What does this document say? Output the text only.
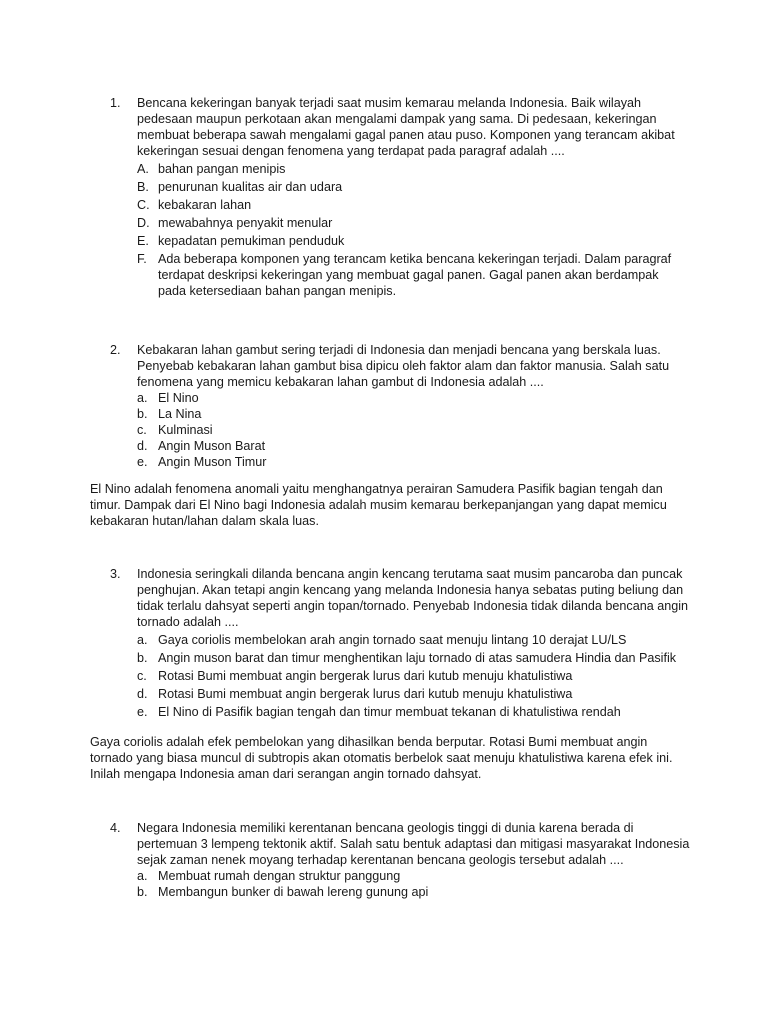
1.	Bencana kekeringan banyak terjadi saat musim kemarau melanda Indonesia. Baik wilayah pedesaan maupun perkotaan akan mengalami dampak yang sama. Di pedesaan, kekeringan membuat beberapa sawah mengalami gagal panen atau puso. Komponen yang terancam akibat kekeringan sesuai dengan fenomena yang terdapat pada paragraf adalah ....
A. bahan pangan menipis
B. penurunan kualitas air dan udara
C. kebakaran lahan
D. mewabahnya penyakit menular
E. kepadatan pemukiman penduduk
F. Ada beberapa komponen yang terancam ketika bencana kekeringan terjadi. Dalam paragraf terdapat deskripsi kekeringan yang membuat gagal panen. Gagal panen akan berdampak pada ketersediaan bahan pangan menipis.
2.	Kebakaran lahan gambut sering terjadi di Indonesia dan menjadi bencana yang berskala luas. Penyebab kebakaran lahan gambut bisa dipicu oleh faktor alam dan faktor manusia. Salah satu fenomena yang memicu kebakaran lahan gambut di Indonesia adalah ....
a. El Nino
b. La Nina
c. Kulminasi
d. Angin Muson Barat
e. Angin Muson Timur

El Nino adalah fenomena anomali yaitu menghangatnya perairan Samudera Pasifik bagian tengah dan timur. Dampak dari El Nino bagi Indonesia adalah musim kemarau berkepanjangan yang dapat memicu kebakaran hutan/lahan dalam skala luas.

3.	Indonesia seringkali dilanda bencana angin kencang terutama saat musim pancaroba dan puncak penghujan. Akan tetapi angin kencang yang melanda Indonesia hanya sebatas puting beliung dan tidak terlalu dahsyat seperti angin topan/tornado. Penyebab Indonesia tidak dilanda bencana angin tornado adalah ....
a. Gaya coriolis membelokan arah angin tornado saat menuju lintang 10 derajat LU/LS
b. Angin muson barat dan timur menghentikan laju tornado di atas samudera Hindia dan Pasifik
c. Rotasi Bumi membuat angin bergerak lurus dari kutub menuju khatulistiwa
d. Rotasi Bumi membuat angin bergerak lurus dari kutub menuju khatulistiwa
e. El Nino di Pasifik bagian tengah dan timur membuat tekanan di khatulistiwa rendah

Gaya coriolis adalah efek pembelokan yang dihasilkan benda berputar. Rotasi Bumi membuat angin tornado yang biasa muncul di subtropis akan otomatis berbelok saat menuju khatulistiwa karena efek ini. Inilah mengapa Indonesia aman dari serangan angin tornado dahsyat.

4.	Negara Indonesia memiliki kerentanan bencana geologis tinggi di dunia karena berada di pertemuan 3 lempeng tektonik aktif. Salah satu bentuk adaptasi dan mitigasi masyarakat Indonesia sejak zaman nenek moyang terhadap kerentanan bencana geologis tersebut adalah ....
a. Membuat rumah dengan struktur panggung
b. Membangun bunker di bawah lereng gunung api
